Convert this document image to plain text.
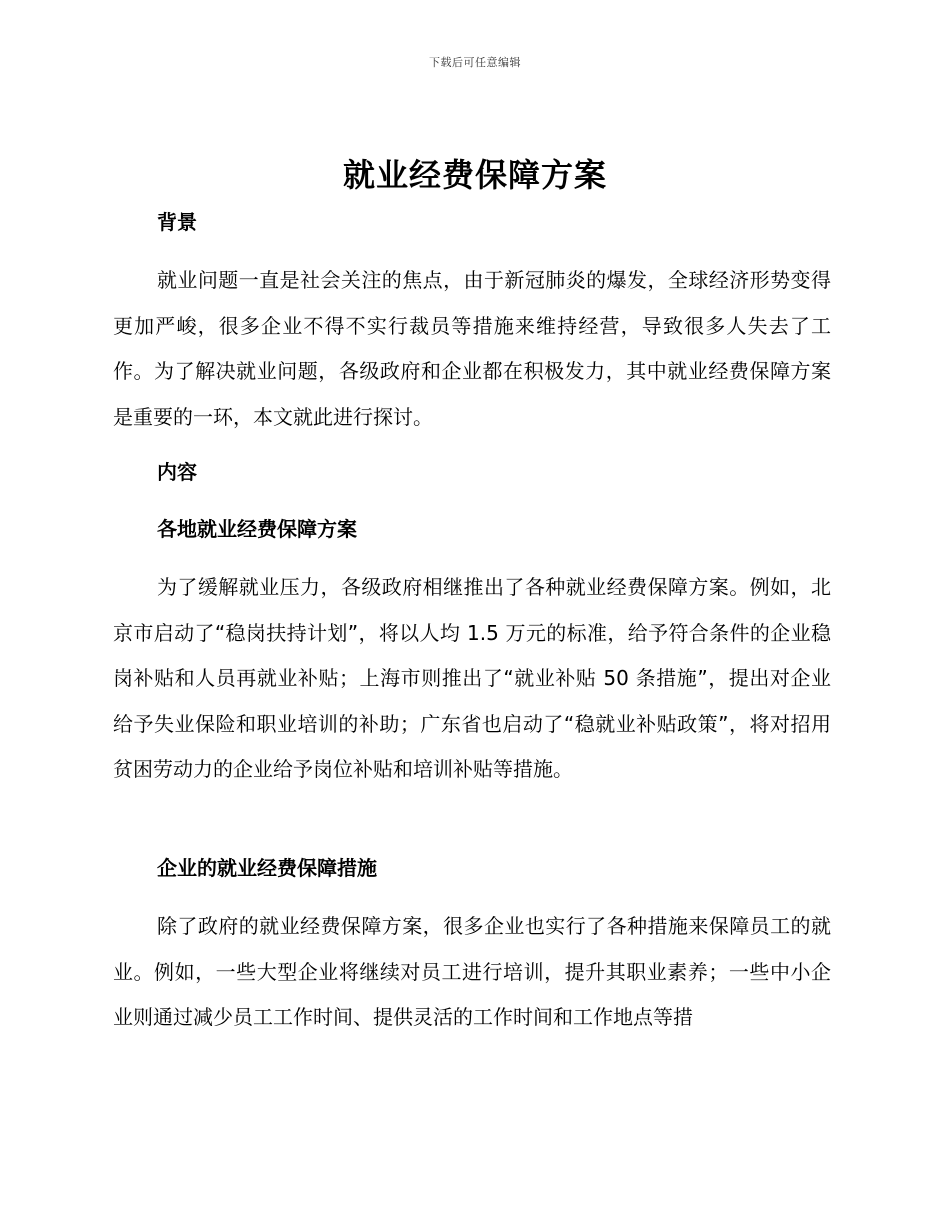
下载后可任意编辑
就业经费保障方案
背景

就业问题一直是社会关注的焦点，由于新冠肺炎的爆发，全球经济形势变得更加严峻，很多企业不得不实行裁员等措施来维持经营，导致很多人失去了工作。为了解决就业问题，各级政府和企业都在积极发力，其中就业经费保障方案是重要的一环，本文就此进行探讨。

内容
各地就业经费保障方案

为了缓解就业压力，各级政府相继推出了各种就业经费保障方案。例如，北京市启动了“稳岗扶持计划”，将以人均 1.5 万元的标准，给予符合条件的企业稳岗补贴和人员再就业补贴；上海市则推出了“就业补贴 50 条措施”，提出对企业给予失业保险和职业培训的补助；广东省也启动了“稳就业补贴政策”，将对招用贫困劳动力的企业给予岗位补贴和培训补贴等措施。

企业的就业经费保障措施

除了政府的就业经费保障方案，很多企业也实行了各种措施来保障员工的就业。例如，一些大型企业将继续对员工进行培训，提升其职业素养；一些中小企业则通过减少员工工作时间、提供灵活的工作时间和工作地点等措
